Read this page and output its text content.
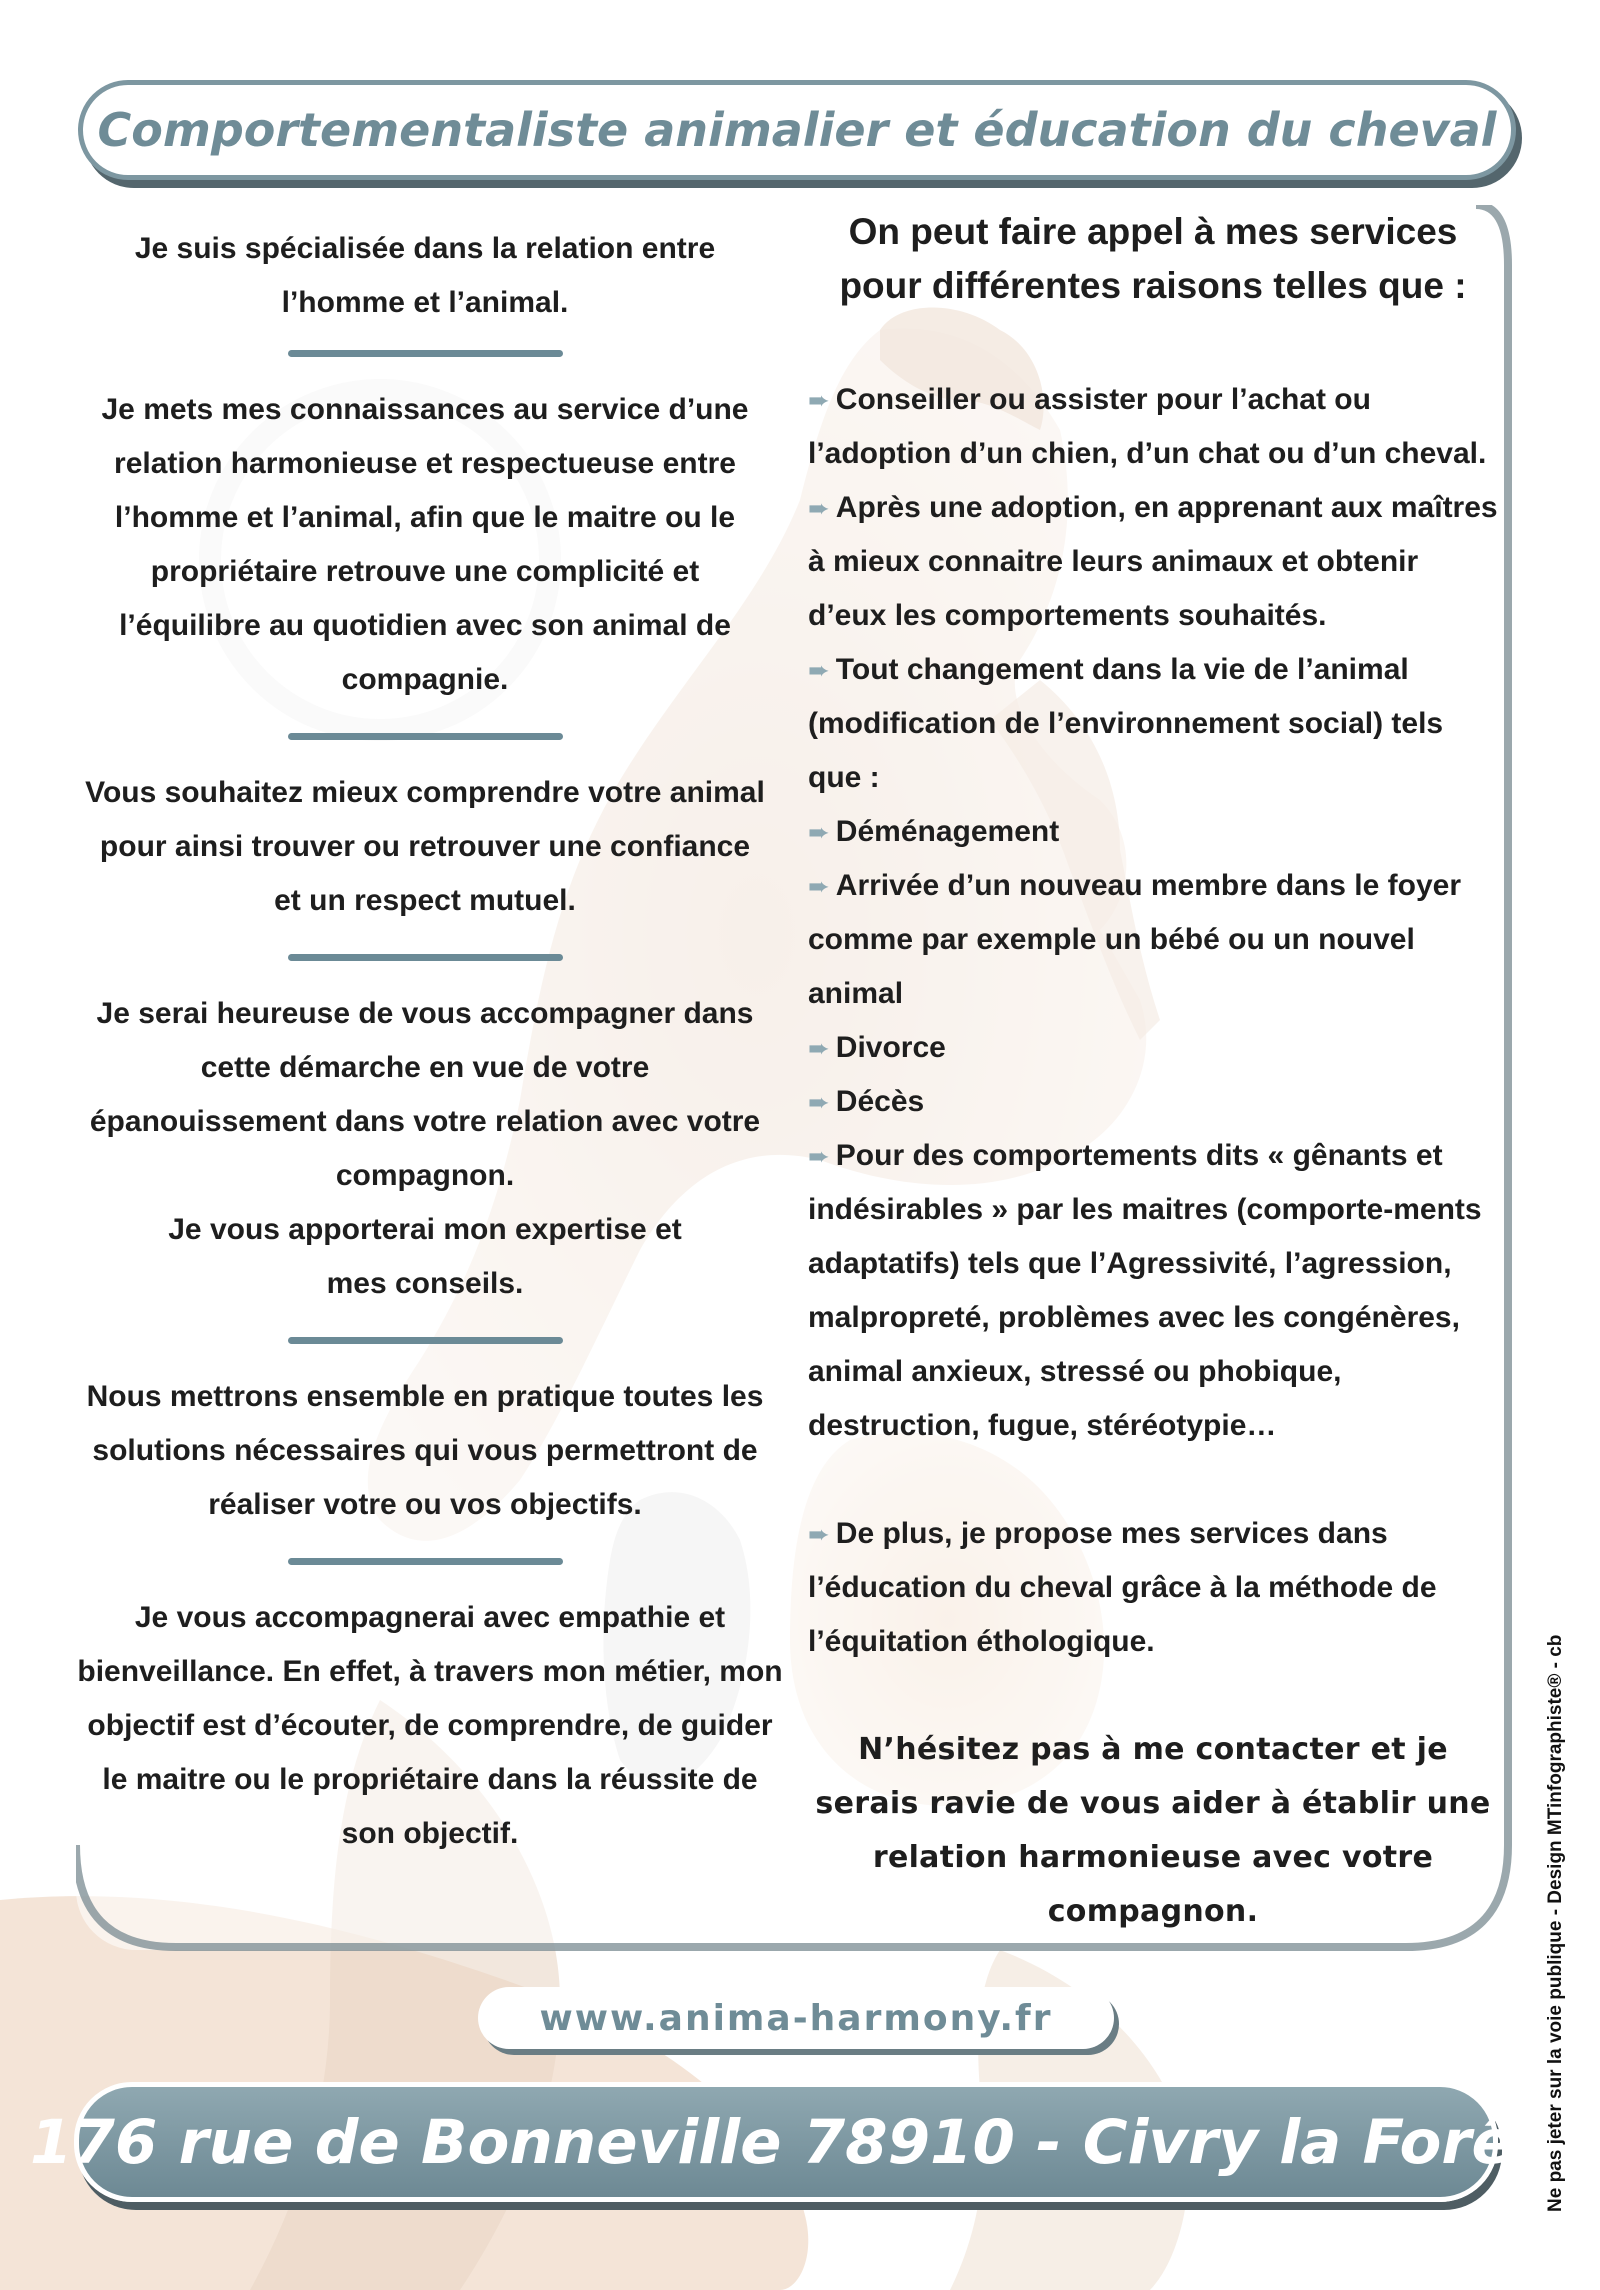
Comportementaliste animalier et éducation du cheval

Je suis spécialisée dans la relation entre l’homme et l’animal.

Je mets mes connaissances au service d’une relation harmonieuse et respectueuse entre l’homme et l’animal, afin que le maitre ou le propriétaire retrouve une complicité et l’équilibre au quotidien avec son animal de compagnie.

Vous souhaitez mieux comprendre votre animal pour ainsi trouver ou retrouver une confiance et un respect mutuel.

Je serai heureuse de vous accompagner dans cette démarche en vue de votre épanouissement dans votre relation avec votre compagnon.

Je vous apporterai mon expertise et mes conseils.

Nous mettrons ensemble en pratique toutes les solutions nécessaires qui vous permettront de réaliser votre ou vos objectifs.

Je vous accompagnerai avec empathie et bienveillance. En effet, à travers mon métier, mon objectif est d’écouter, de comprendre, de guider le maitre ou le propriétaire dans la réussite de son objectif.

On peut faire appel à mes services pour différentes raisons telles que :

➨ Conseiller ou assister pour l’achat ou l’adoption d’un chien, d’un chat ou d’un cheval.

➨ Après une adoption, en apprenant aux maîtres à mieux connaitre leurs animaux et obtenir d’eux les comportements souhaités.

➨ Tout changement dans la vie de l’animal (modification de l’environnement social) tels que :

➨ Déménagement

➨ Arrivée d’un nouveau membre dans le foyer comme par exemple un bébé ou un nouvel animal

➨ Divorce

➨ Décès

➨ Pour des comportements dits « gênants et indésirables » par les maitres (comporte-ments adaptatifs) tels que l’Agressivité, l’agression, malpropreté, problèmes avec les congénères, animal anxieux, stressé ou phobique, destruction, fugue, stéréotypie…

➨ De plus, je propose mes services dans l’éducation du cheval grâce à la méthode de l’équitation éthologique.

N’hésitez pas à me contacter et je serais ravie de vous aider à établir une relation harmonieuse avec votre compagnon.

www.anima-harmony.fr
176 rue de Bonneville 78910 - Civry la Forêt Ne pas jeter sur la voie publique - Design MTinfographiste® - cb
